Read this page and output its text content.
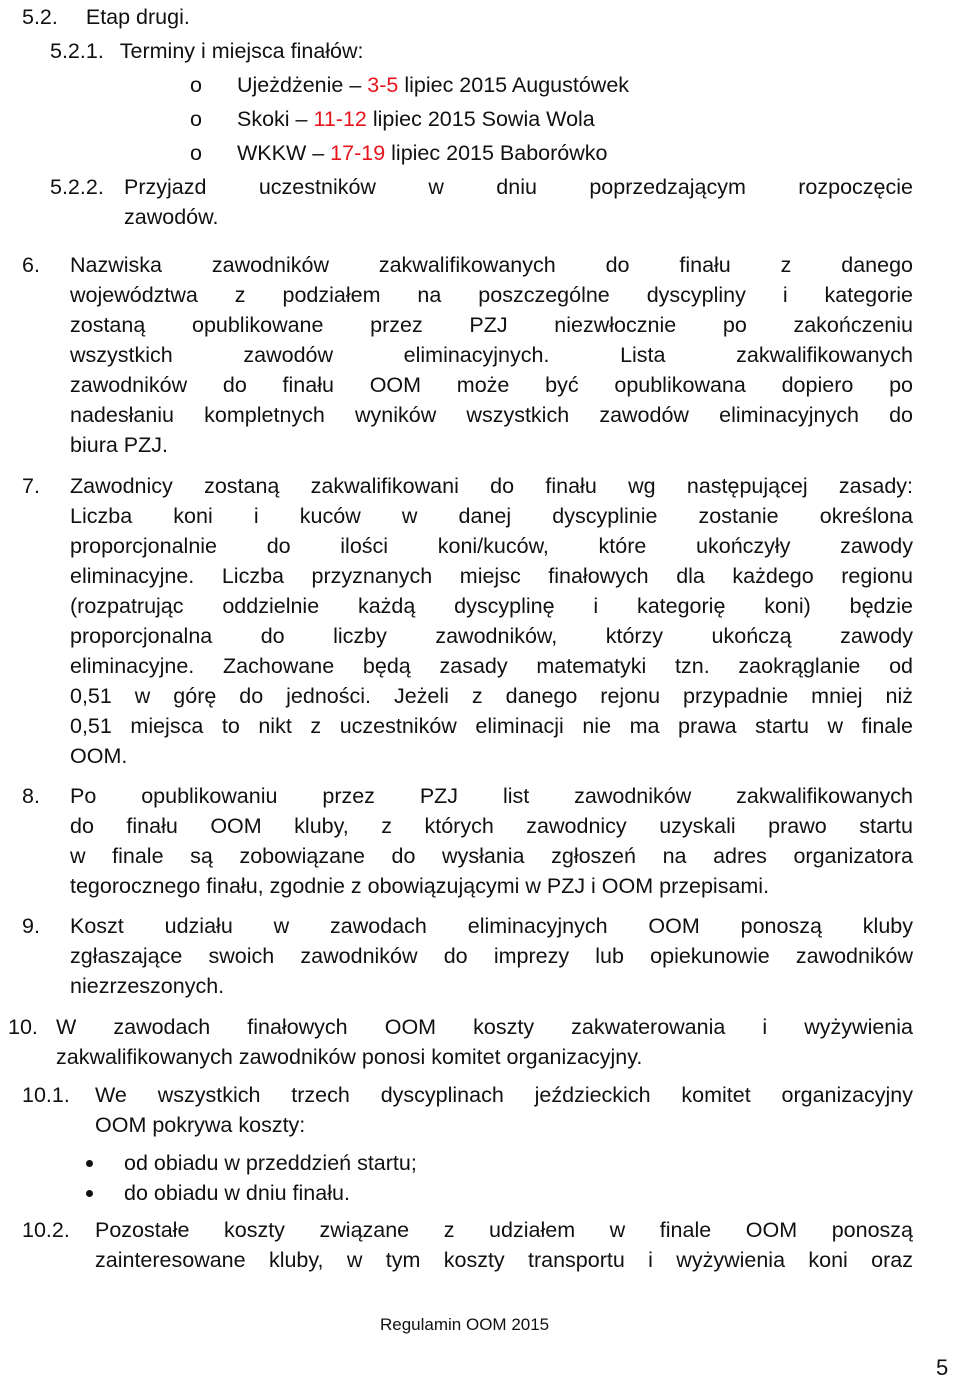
5.2. Etap drugi.
5.2.1. Terminy i miejsca finałów:
o Ujeżdżenie – 3-5 lipiec 2015 Augustówek
o Skoki – 11-12 lipiec 2015 Sowia Wola
o WKKW – 17-19 lipiec 2015 Baborówko
5.2.2. Przyjazd uczestników w dniu poprzedzającym rozpoczęcie
zawodów.
6. Nazwiska zawodników zakwalifikowanych do finału z danego
województwa z podziałem na poszczególne dyscypliny i kategorie
zostaną opublikowane przez PZJ niezwłocznie po zakończeniu
wszystkich zawodów eliminacyjnych. Lista zakwalifikowanych
zawodników do finału OOM może być opublikowana dopiero po
nadesłaniu kompletnych wyników wszystkich zawodów eliminacyjnych do
biura PZJ.
7. Zawodnicy zostaną zakwalifikowani do finału wg następującej zasady:
Liczba koni i kuców w danej dyscyplinie zostanie określona
proporcjonalnie do ilości koni/kuców, które ukończyły zawody
eliminacyjne. Liczba przyznanych miejsc finałowych dla każdego regionu
(rozpatrując oddzielnie każdą dyscyplinę i kategorię koni) będzie
proporcjonalna do liczby zawodników, którzy ukończą zawody
eliminacyjne. Zachowane będą zasady matematyki tzn. zaokrąglanie od
0,51 w górę do jedności. Jeżeli z danego rejonu przypadnie mniej niż
0,51 miejsca to nikt z uczestników eliminacji nie ma prawa startu w finale
OOM.
8. Po opublikowaniu przez PZJ list zawodników zakwalifikowanych
do finału OOM kluby, z których zawodnicy uzyskali prawo startu
w finale są zobowiązane do wysłania zgłoszeń na adres organizatora
tegorocznego finału, zgodnie z obowiązującymi w PZJ i OOM przepisami.
9. Koszt udziału w zawodach eliminacyjnych OOM ponoszą kluby
zgłaszające swoich zawodników do imprezy lub opiekunowie zawodników
niezrzeszonych.
10. W zawodach finałowych OOM koszty zakwaterowania i wyżywienia
zakwalifikowanych zawodników ponosi komitet organizacyjny.
10.1. We wszystkich trzech dyscyplinach jeździeckich komitet organizacyjny
OOM pokrywa koszty:
od obiadu w przeddzień startu;
do obiadu w dniu finału.
10.2. Pozostałe koszty związane z udziałem w finale OOM ponoszą
zainteresowane kluby, w tym koszty transportu i wyżywienia koni oraz
Regulamin OOM 2015
5
